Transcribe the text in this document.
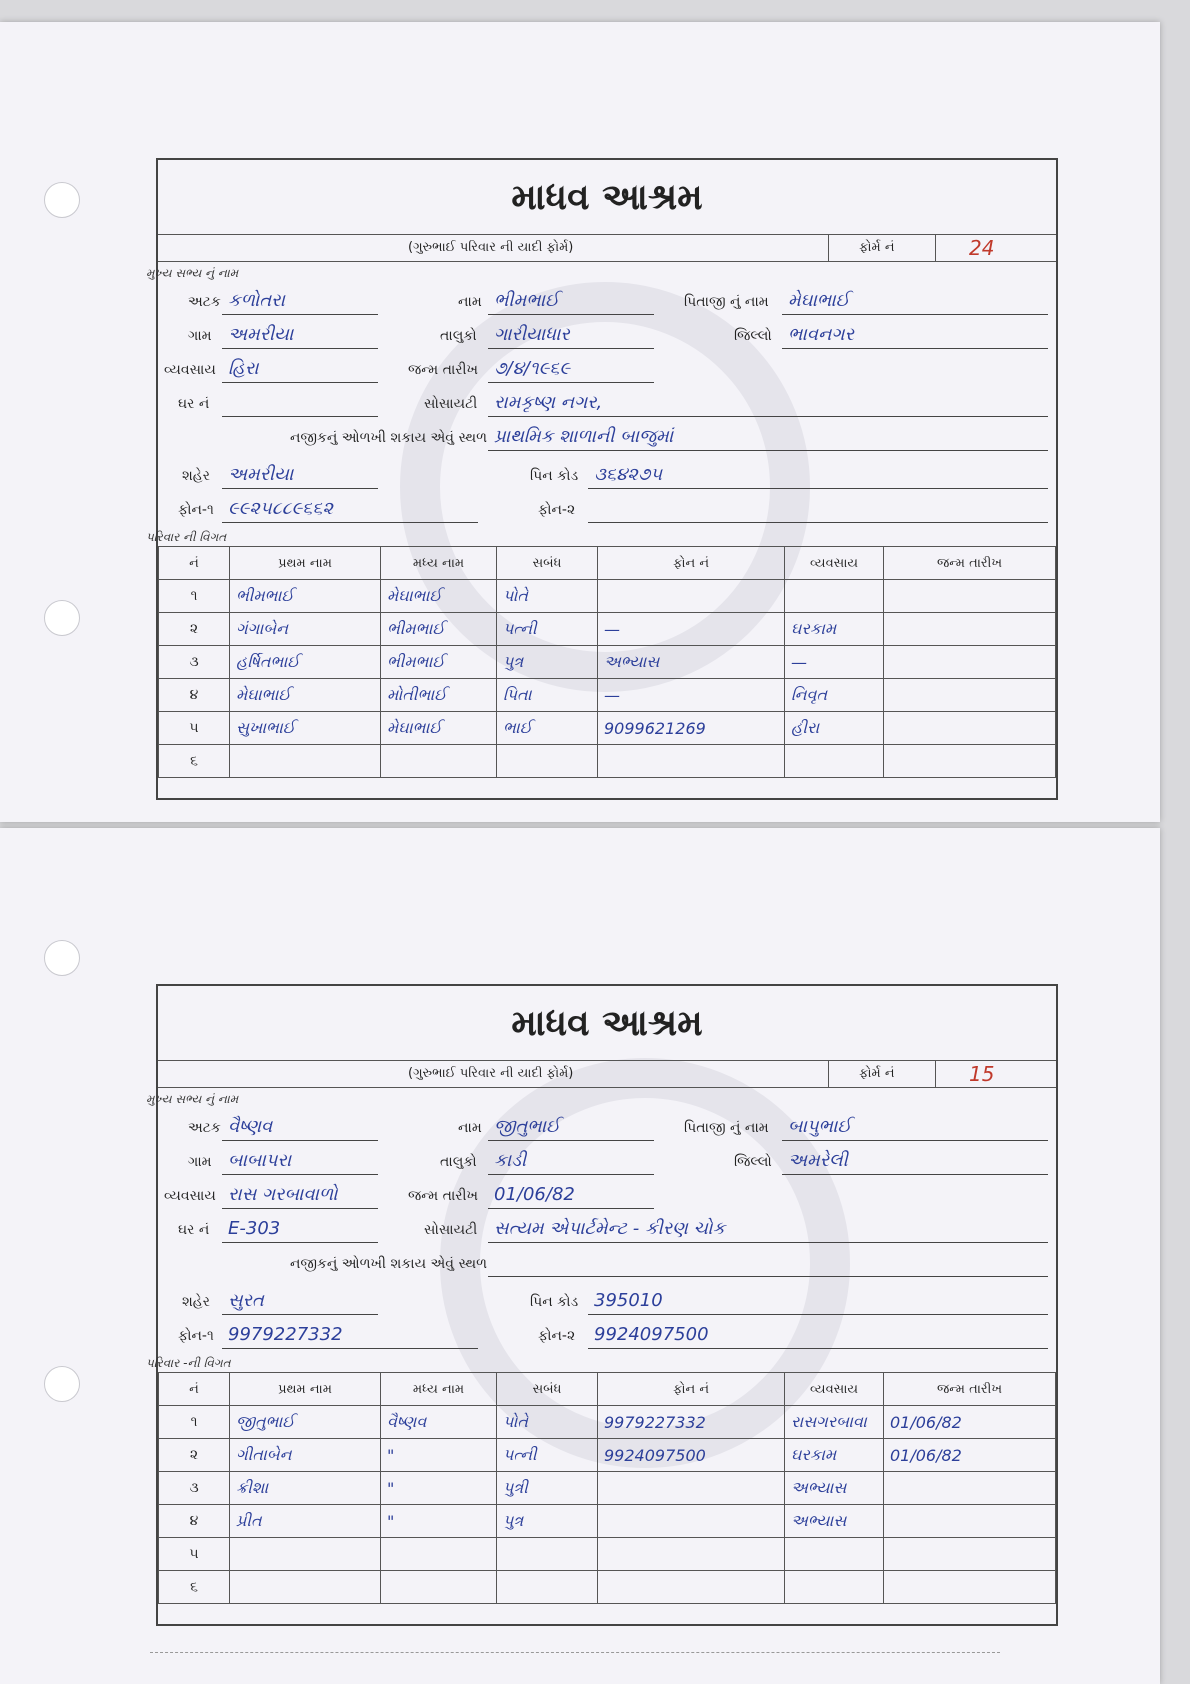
માધવ આશ્રમ
(ગુરુભાઈ પરિવાર ની યાદી ફોર્મ)	ફોર્મ નં	24
મુખ્ય સભ્ય નું નામ
અટક કળોતરા	નામ ભીમભાઈ	પિતાજી નું નામ	મેઘાભાઈ
ગામ અમરીયા	તાલુકો ગારીયાધાર	જિલ્લો ભાવનગર
વ્યવસાય હિરા	જન્મ તારીખ ૭/૪/૧૯૬૯
ઘર નં	સોસાયટી રામકૃષ્ણ નગર,
નજીકનું ઓળખી શકાય એવું સ્થળ પ્રાથમિક શાળાની બાજુમાં
શહેર	અમરીયા	પિન કોડ ૩૬૪૨૭૫
ફોન-૧ ૯૯૨૫૮૮૯૬૬૨	ફોન-૨
પરિવાર ની વિગત
નં	પ્રથમ નામ	મધ્ય નામ	સબંધ	ફોન નં	વ્યવસાય	જન્મ તારીખ
૧	ભીમભાઈ	મેઘાભાઈ	પોતે			
૨	ગંગાબેન	ભીમભાઈ	પત્ની	—	ઘરકામ	
૩	હર્ષિતભાઈ	ભીમભાઈ	પુત્ર	અભ્યાસ	—	
૪	મેઘાભાઈ	મોતીભાઈ	પિતા	—	નિવૃત	
૫	સુખાભાઈ	મેઘાભાઈ	ભાઈ	9099621269	હીરા	
૬						
માધવ આશ્રમ
(ગુરુભાઈ પરિવાર ની યાદી ફોર્મ)	ફોર્મ નં	15
મુખ્ય સભ્ય નું નામ
અટક વૈષ્ણવ	નામ જીતુભાઈ	પિતાજી નું નામ	બાપુભાઈ
ગામ બાબાપરા	તાલુકો કાડી	જિલ્લો અમરેલી
વ્યવસાય રાસ ગરબાવાળો	જન્મ તારીખ 01/06/82
ઘર નં	E-303	સોસાયટી સત્યમ એપાર્ટમેન્ટ - કીરણ ચોક
નજીકનું ઓળખી શકાય એવું સ્થળ
શહેર	સુરત	પિન કોડ 395010
ફોન-૧ 9979227332	ફોન-૨	9924097500
પરિવાર -ની વિગત
નં	પ્રથમ નામ	મધ્ય નામ	સબંધ	ફોન નં	વ્યવસાય	જન્મ તારીખ
૧	જીતુભાઈ	વૈષ્ણવ	પોતે	9979227332	રાસગરબાવા	01/06/82
૨	ગીતાબેન	"	પત્ની	9924097500	ઘરકામ	01/06/82
૩	ક્રીશા	"	પુત્રી		અભ્યાસ	
૪	પ્રીત	"	પુત્ર		અભ્યાસ	
૫						
૬						
